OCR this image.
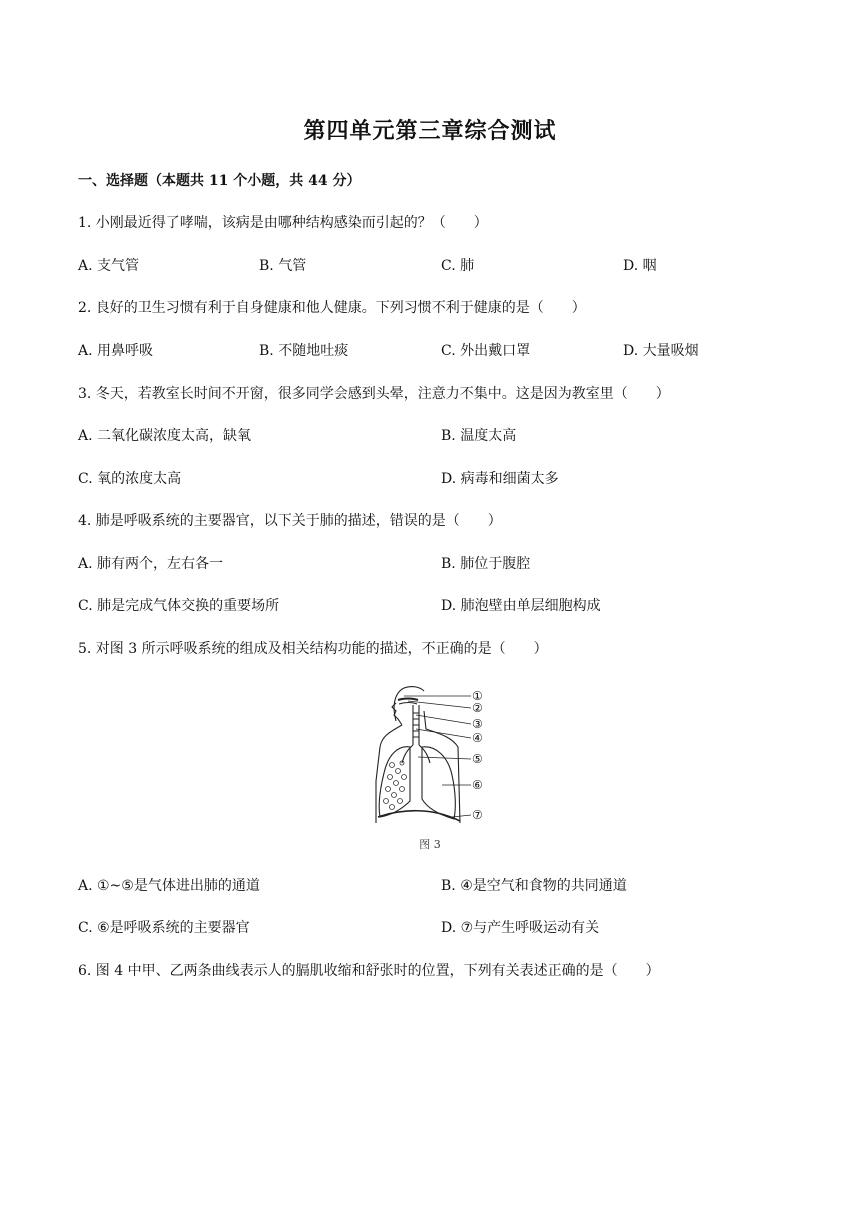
第四单元第三章综合测试
一、选择题（本题共 11 个小题，共 44 分）
1. 小刚最近得了哮喘，该病是由哪种结构感染而引起的？（　　）
A. 支气管	B. 气管	C. 肺	D. 咽
2. 良好的卫生习惯有利于自身健康和他人健康。下列习惯不利于健康的是（　　）
A. 用鼻呼吸	B. 不随地吐痰	C. 外出戴口罩	D. 大量吸烟
3. 冬天，若教室长时间不开窗，很多同学会感到头晕，注意力不集中。这是因为教室里（　　）
A. 二氧化碳浓度太高，缺氧	B. 温度太高
C. 氧的浓度太高	D. 病毒和细菌太多
4. 肺是呼吸系统的主要器官，以下关于肺的描述，错误的是（　　）
A. 肺有两个，左右各一	B. 肺位于腹腔
C. 肺是完成气体交换的重要场所	D. 肺泡壁由单层细胞构成
5. 对图 3 所示呼吸系统的组成及相关结构功能的描述，不正确的是（　　）
①
②
③
④
⑤
⑥
⑦
图 3
A. ①~⑤是气体进出肺的通道	B. ④是空气和食物的共同通道
C. ⑥是呼吸系统的主要器官	D. ⑦与产生呼吸运动有关
6. 图 4 中甲、乙两条曲线表示人的膈肌收缩和舒张时的位置，下列有关表述正确的是（　　）
